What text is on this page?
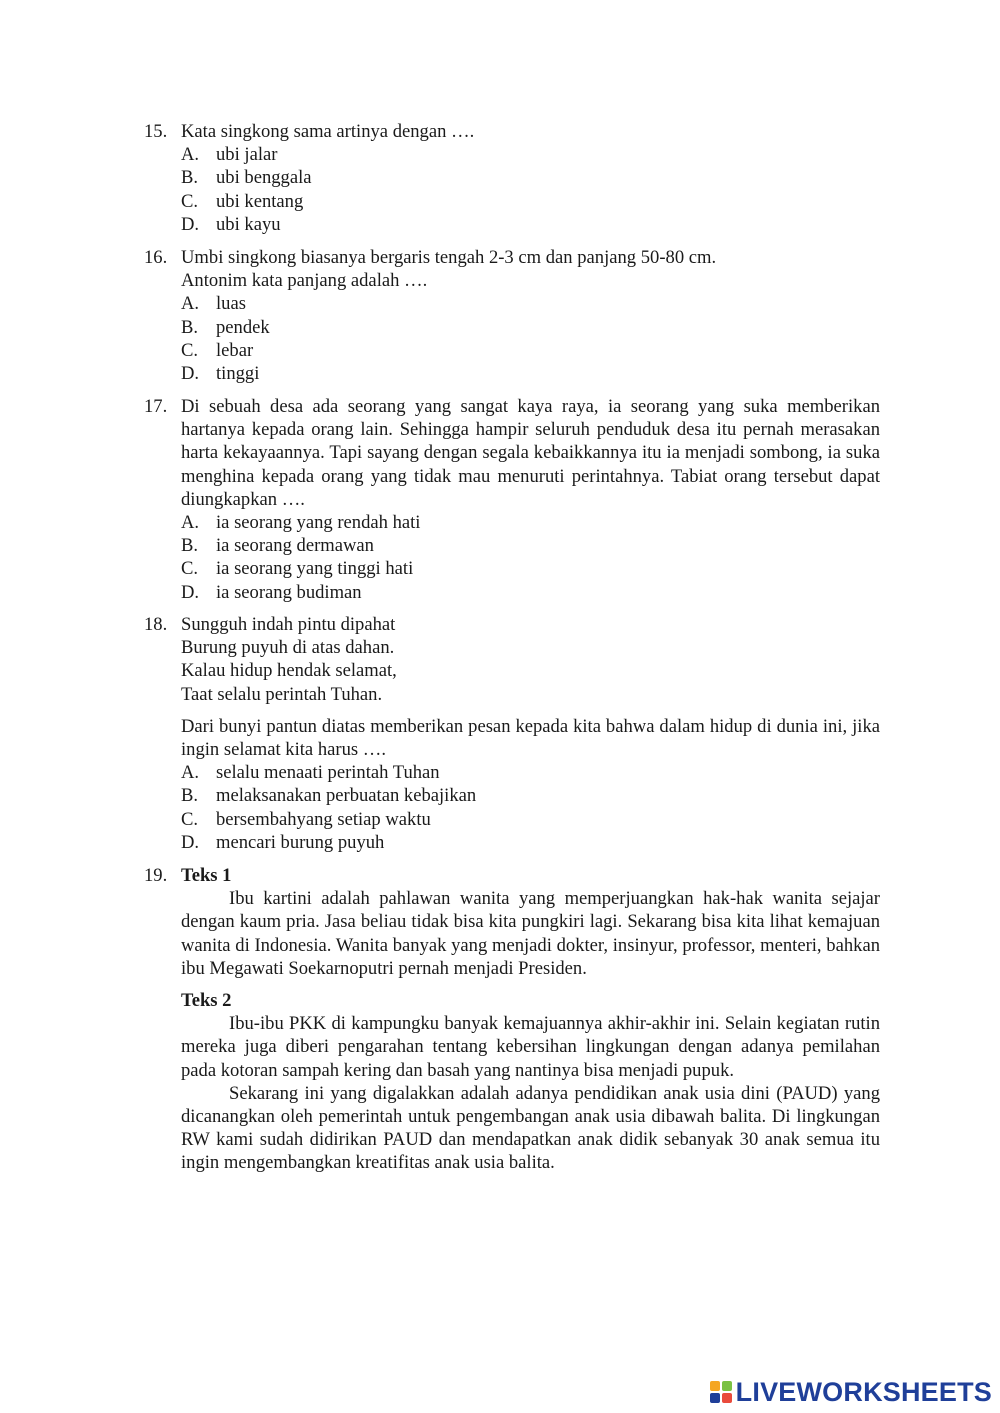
15. Kata singkong sama artinya dengan ….
A. ubi jalar
B. ubi benggala
C. ubi kentang
D. ubi kayu
16. Umbi singkong biasanya bergaris tengah 2-3 cm dan panjang 50-80 cm.
Antonim kata panjang adalah ….
A. luas
B. pendek
C. lebar
D. tinggi
17. Di sebuah desa ada seorang yang sangat kaya raya, ia seorang yang suka memberikan hartanya kepada orang lain. Sehingga hampir seluruh penduduk desa itu pernah merasakan harta kekayaannya. Tapi sayang dengan segala kebaikkannya itu ia menjadi sombong, ia suka menghina kepada orang yang tidak mau menuruti perintahnya. Tabiat orang tersebut dapat diungkapkan ….
A. ia seorang yang rendah hati
B. ia seorang dermawan
C. ia seorang yang tinggi hati
D. ia seorang budiman
18. Sungguh indah pintu dipahat
Burung puyuh di atas dahan.
Kalau hidup hendak selamat,
Taat selalu perintah Tuhan.
Dari bunyi pantun diatas memberikan pesan kepada kita bahwa dalam hidup di dunia ini, jika ingin selamat kita harus ….
A. selalu menaati perintah Tuhan
B. melaksanakan perbuatan kebajikan
C. bersembahyang setiap waktu
D. mencari burung puyuh
19. Teks 1
Ibu kartini adalah pahlawan wanita yang memperjuangkan hak-hak wanita sejajar dengan kaum pria. Jasa beliau tidak bisa kita pungkiri lagi. Sekarang bisa kita lihat kemajuan wanita di Indonesia. Wanita banyak yang menjadi dokter, insinyur, professor, menteri, bahkan ibu Megawati Soekarnoputri pernah menjadi Presiden.
Teks 2
Ibu-ibu PKK di kampungku banyak kemajuannya akhir-akhir ini. Selain kegiatan rutin mereka juga diberi pengarahan tentang kebersihan lingkungan dengan adanya pemilahan pada kotoran sampah kering dan basah yang nantinya bisa menjadi pupuk.
Sekarang ini yang digalakkan adalah adanya pendidikan anak usia dini (PAUD) yang dicanangkan oleh pemerintah untuk pengembangan anak usia dibawah balita. Di lingkungan RW kami sudah didirikan PAUD dan mendapatkan anak didik sebanyak 30 anak semua itu ingin mengembangkan kreatifitas anak usia balita.
LIVEWORKSHEETS
